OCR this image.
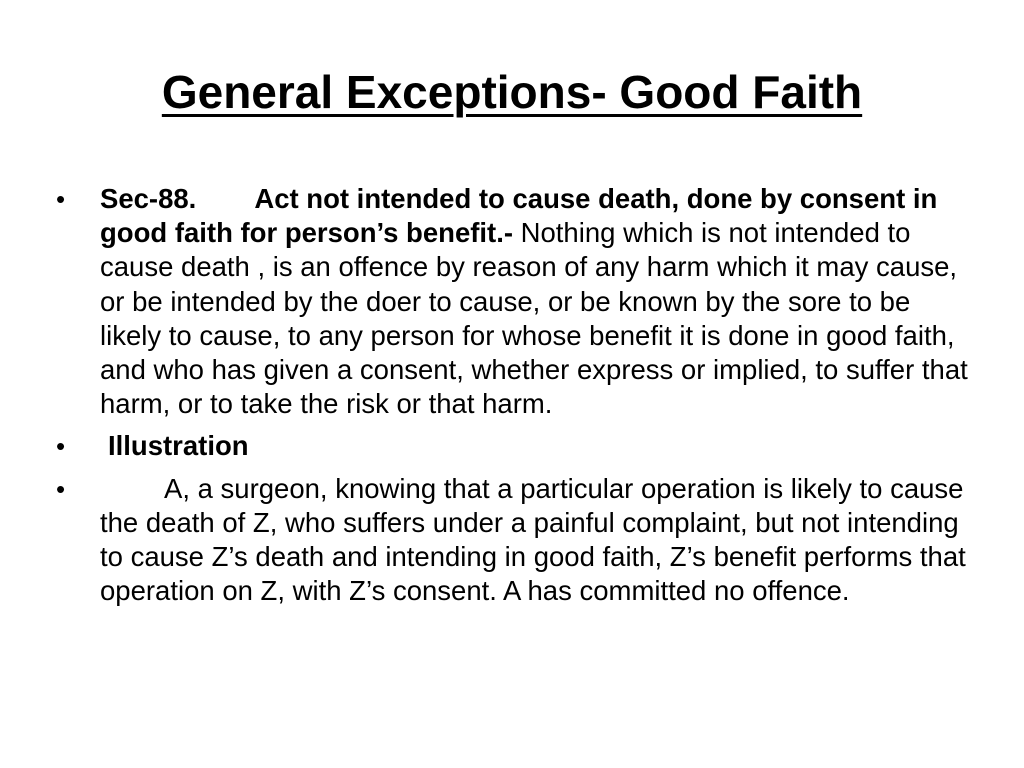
General Exceptions- Good Faith
•	Sec-88. Act not intended to cause death, done by consent in good faith for person’s benefit.- Nothing which is not intended to cause death , is an offence by reason of any harm which it may cause, or be intended by the doer to cause, or be known by the sore to be likely to cause, to any person for whose benefit it is done in good faith, and who has given a consent, whether express or implied, to suffer that harm, or to take the risk or that harm.
•	Illustration
•	A, a surgeon, knowing that a particular operation is likely to cause the death of Z, who suffers under a painful complaint, but not intending to cause Z’s death and intending in good faith, Z’s benefit performs that operation on Z, with Z’s consent. A has committed no offence.
